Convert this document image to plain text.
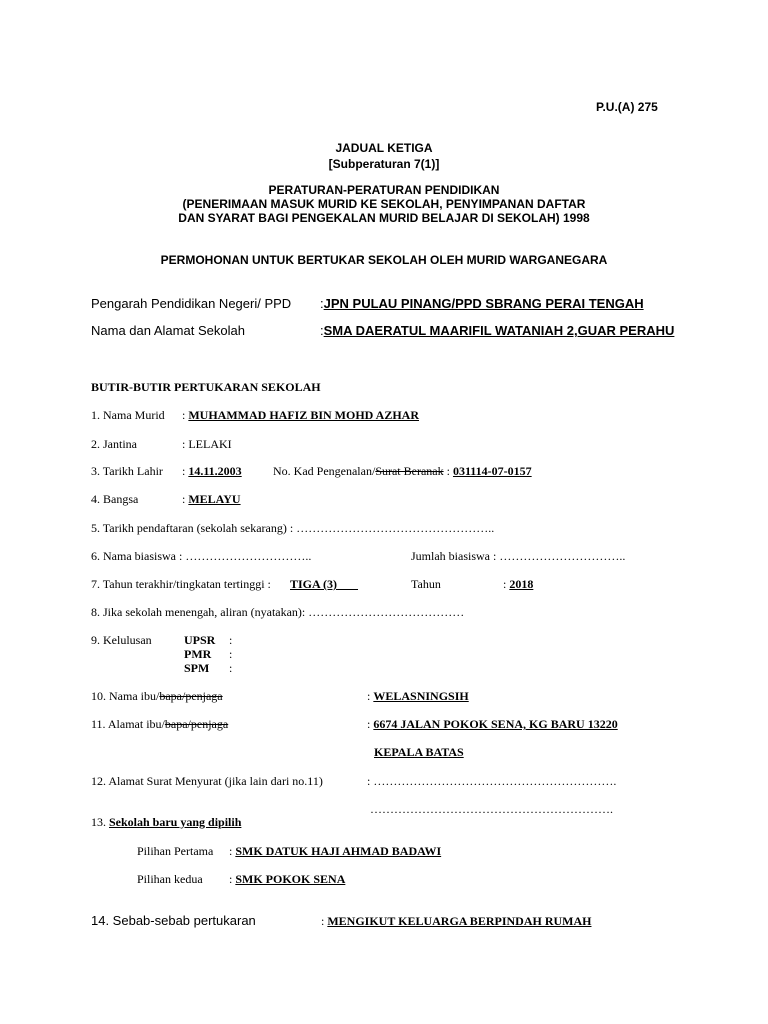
P.U.(A) 275
JADUAL KETIGA
[Subperaturan 7(1)]
PERATURAN-PERATURAN PENDIDIKAN
(PENERIMAAN MASUK MURID KE SEKOLAH, PENYIMPANAN DAFTAR
DAN SYARAT BAGI PENGEKALAN MURID BELAJAR DI SEKOLAH) 1998
PERMOHONAN UNTUK BERTUKAR SEKOLAH OLEH MURID WARGANEGARA
Pengarah Pendidikan Negeri/ PPD :JPN PULAU PINANG/PPD SBRANG PERAI TENGAH
Nama dan Alamat Sekolah	:SMA DAERATUL MAARIFIL WATANIAH 2,GUAR PERAHU
BUTIR-BUTIR PERTUKARAN SEKOLAH
1. Nama Murid : MUHAMMAD HAFIZ BIN MOHD AZHAR
2. Jantina	: LELAKI
3. Tarikh Lahir : 14.11.2003	No. Kad Pengenalan/Surat Beranak : 031114-07-0157
4. Bangsa	: MELAYU
5. Tarikh pendaftaran (sekolah sekarang) : …………………………………………..
6. Nama biasiswa : …………………………..	Jumlah biasiswa : …………………………..
7. Tahun terakhir/tingkatan tertinggi : TIGA (3)	Tahun	: 2018
8. Jika sekolah menengah, aliran (nyatakan): …………………………………
9. Kelulusan	UPSR :
PMR :
SPM :
10. Nama ibu/bapa/penjaga	: WELASNINGSIH
11. Alamat ibu/bapa/penjaga	: 6674 JALAN POKOK SENA, KG BARU 13220
KEPALA BATAS
12. Alamat Surat Menyurat (jika lain dari no.11)	: …………………………………………………….
…………………………………………………….
13. Sekolah baru yang dipilih
Pilihan Pertama : SMK DATUK HAJI AHMAD BADAWI
Pilihan kedua : SMK POKOK SENA
14. Sebab-sebab pertukaran	: MENGIKUT KELUARGA BERPINDAH RUMAH
